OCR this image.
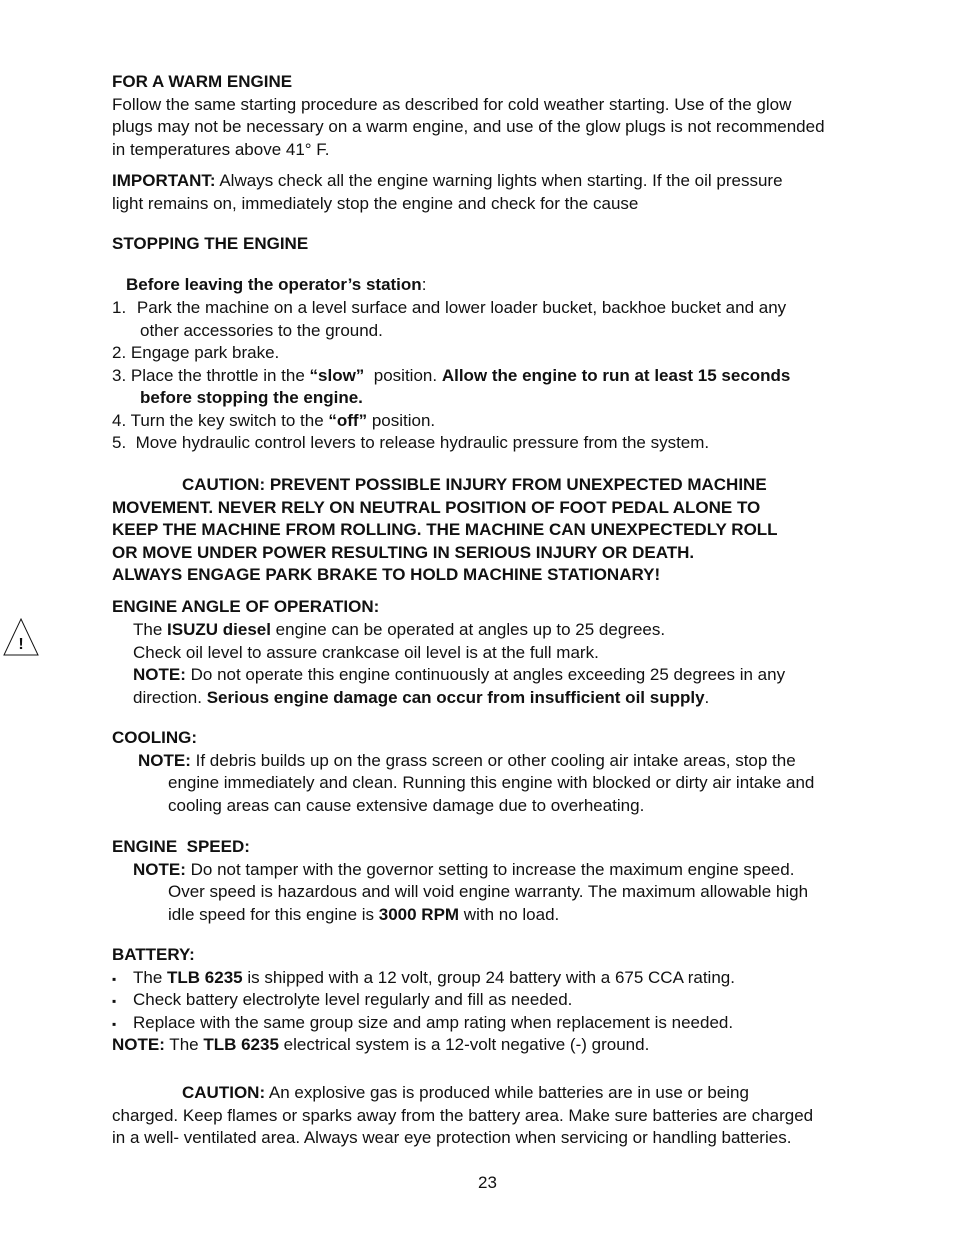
FOR A WARM ENGINE
Follow the same starting procedure as described for cold weather starting. Use of the glow
plugs may not be necessary on a warm engine, and use of the glow plugs is not recommended
in temperatures above 41° F.
IMPORTANT: Always check all the engine warning lights when starting. If the oil pressure
light remains on, immediately stop the engine and check for the cause
STOPPING THE ENGINE
Before leaving the operator’s station:
1. Park the machine on a level surface and lower loader bucket, backhoe bucket and any
other accessories to the ground.
2. Engage park brake.
3. Place the throttle in the “slow”  position. Allow the engine to run at least 15 seconds
before stopping the engine.
4. Turn the key switch to the “off” position.
5.  Move hydraulic control levers to release hydraulic pressure from the system.
CAUTION: PREVENT POSSIBLE INJURY FROM UNEXPECTED MACHINE
MOVEMENT. NEVER RELY ON NEUTRAL POSITION OF FOOT PEDAL ALONE TO
KEEP THE MACHINE FROM ROLLING. THE MACHINE CAN UNEXPECTEDLY ROLL
OR MOVE UNDER POWER RESULTING IN SERIOUS INJURY OR DEATH.
ALWAYS ENGAGE PARK BRAKE TO HOLD MACHINE STATIONARY!
!
ENGINE ANGLE OF OPERATION:
The ISUZU diesel engine can be operated at angles up to 25 degrees.
Check oil level to assure crankcase oil level is at the full mark.
NOTE: Do not operate this engine continuously at angles exceeding 25 degrees in any
direction. Serious engine damage can occur from insufficient oil supply.
COOLING:
NOTE: If debris builds up on the grass screen or other cooling air intake areas, stop the
engine immediately and clean. Running this engine with blocked or dirty air intake and
cooling areas can cause extensive damage due to overheating.
ENGINE  SPEED:
NOTE: Do not tamper with the governor setting to increase the maximum engine speed.
Over speed is hazardous and will void engine warranty. The maximum allowable high
idle speed for this engine is 3000 RPM with no load.
BATTERY:
▪ The TLB 6235 is shipped with a 12 volt, group 24 battery with a 675 CCA rating.
▪ Check battery electrolyte level regularly and fill as needed.
▪ Replace with the same group size and amp rating when replacement is needed.
NOTE: The TLB 6235 electrical system is a 12-volt negative (-) ground.
CAUTION: An explosive gas is produced while batteries are in use or being
charged. Keep flames or sparks away from the battery area. Make sure batteries are charged
in a well- ventilated area. Always wear eye protection when servicing or handling batteries.
23
